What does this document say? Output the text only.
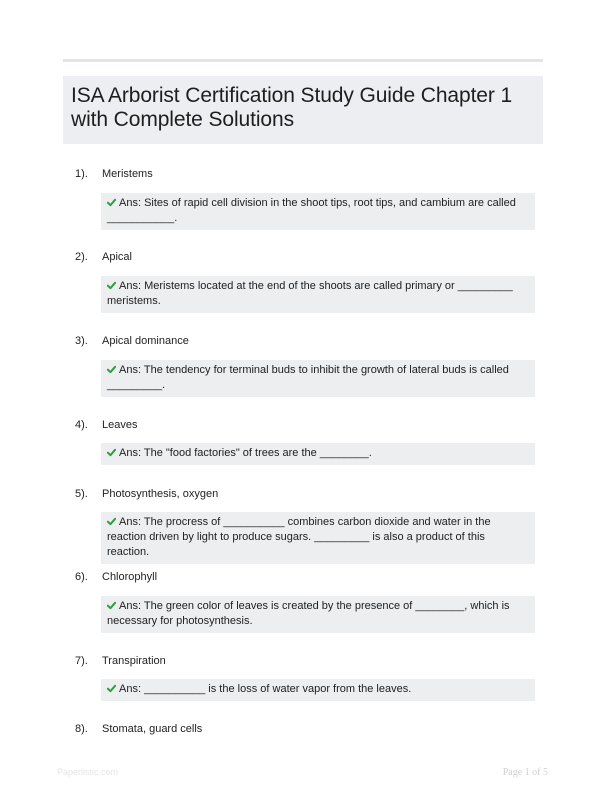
ISA Arborist Certification Study Guide Chapter 1 with Complete Solutions
1). Meristems
Ans: Sites of rapid cell division in the shoot tips, root tips, and cambium are called ___________.
2). Apical
Ans: Meristems located at the end of the shoots are called primary or _________ meristems.
3). Apical dominance
Ans: The tendency for terminal buds to inhibit the growth of lateral buds is called _________.
4). Leaves
Ans: The "food factories" of trees are the ________.
5). Photosynthesis, oxygen
Ans: The procress of __________ combines carbon dioxide and water in the reaction driven by light to produce sugars. _________ is also a product of this reaction.
6). Chlorophyll
Ans: The green color of leaves is created by the presence of ________, which is necessary for photosynthesis.
7). Transpiration
Ans: __________ is the loss of water vapor from the leaves.
8). Stomata, guard cells
Paperlistic.com	Page 1 of 5
